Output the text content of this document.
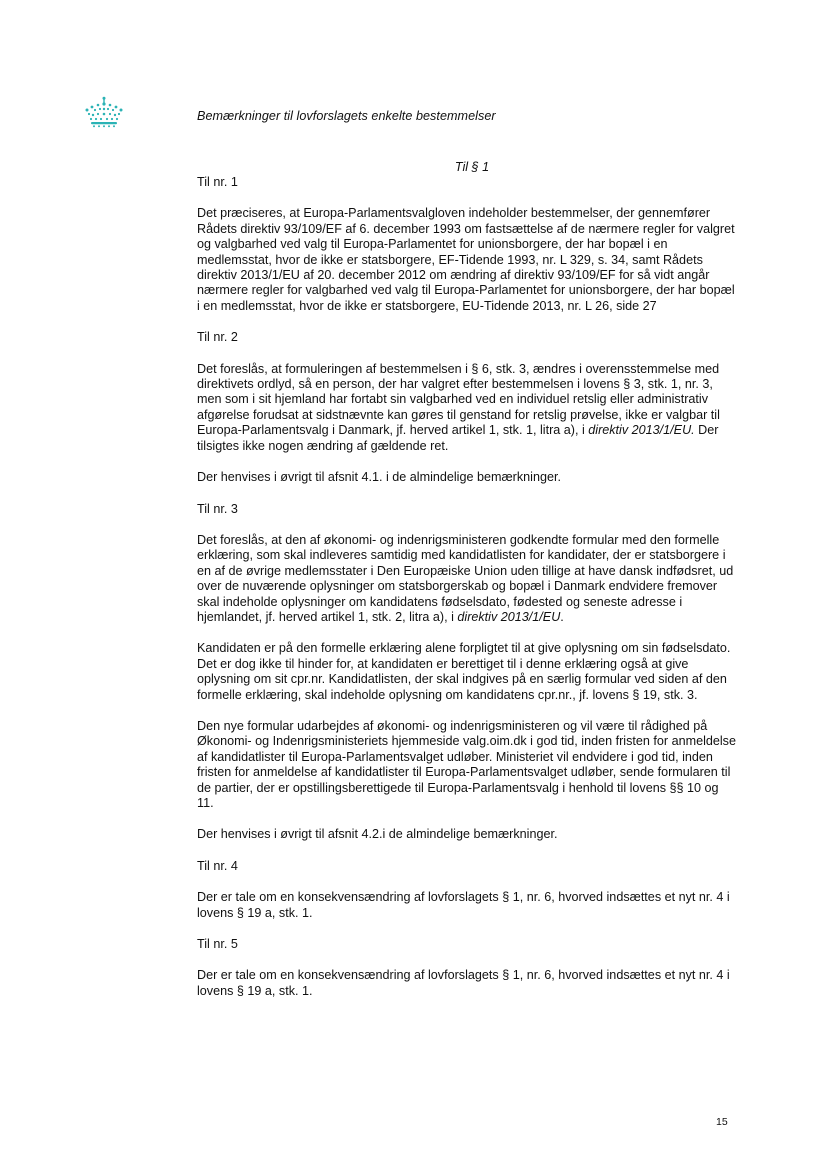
Bemærkninger til lovforslagets enkelte bestemmelser
Til § 1

Til nr. 1

Det præciseres, at Europa-Parlamentsvalgloven indeholder bestemmelser, der gennemfører Rådets direktiv 93/109/EF af 6. december 1993 om fastsættelse af de nærmere regler for valgret og valgbarhed ved valg til Europa-Parlamentet for unionsborgere, der har bopæl i en medlemsstat, hvor de ikke er statsborgere, EF-Tidende 1993, nr. L 329, s. 34, samt Rådets direktiv 2013/1/EU af 20. december 2012 om ændring af direktiv 93/109/EF for så vidt angår nærmere regler for valgbarhed ved valg til Europa-Parlamentet for unionsborgere, der har bopæl i en medlemsstat, hvor de ikke er statsborgere, EU-Tidende 2013, nr. L 26, side 27

Til nr. 2

Det foreslås, at formuleringen af bestemmelsen i § 6, stk. 3, ændres i overensstemmelse med direktivets ordlyd, så en person, der har valgret efter bestemmelsen i lovens § 3, stk. 1, nr. 3, men som i sit hjemland har fortabt sin valgbarhed ved en individuel retslig eller administrativ afgørelse forudsat at sidstnævnte kan gøres til genstand for retslig prøvelse, ikke er valgbar til Europa-Parlamentsvalg i Danmark, jf. herved artikel 1, stk. 1, litra a), i direktiv 2013/1/EU. Der tilsigtes ikke nogen ændring af gældende ret.

Der henvises i øvrigt til afsnit 4.1. i de almindelige bemærkninger.

Til nr. 3

Det foreslås, at den af økonomi- og indenrigsministeren godkendte formular med den formelle erklæring, som skal indleveres samtidig med kandidatlisten for kandidater, der er statsborgere i en af de øvrige medlemsstater i Den Europæiske Union uden tillige at have dansk indfødsret, ud over de nuværende oplysninger om statsborgerskab og bopæl i Danmark endvidere fremover skal indeholde oplysninger om kandidatens fødselsdato, fødested og seneste adresse i hjemlandet, jf. herved artikel 1, stk. 2, litra a), i direktiv 2013/1/EU.

Kandidaten er på den formelle erklæring alene forpligtet til at give oplysning om sin fødselsdato. Det er dog ikke til hinder for, at kandidaten er berettiget til i denne erklæring også at give oplysning om sit cpr.nr. Kandidatlisten, der skal indgives på en særlig formular ved siden af den formelle erklæring, skal indeholde oplysning om kandidatens cpr.nr., jf. lovens § 19, stk. 3.

Den nye formular udarbejdes af økonomi- og indenrigsministeren og vil være til rådighed på Økonomi- og Indenrigsministeriets hjemmeside valg.oim.dk i god tid, inden fristen for anmeldelse af kandidatlister til Europa-Parlamentsvalget udløber. Ministeriet vil endvidere i god tid, inden fristen for anmeldelse af kandidatlister til Europa-Parlamentsvalget udløber, sende formularen til de partier, der er opstillingsberettigede til Europa-Parlamentsvalg i henhold til lovens §§ 10 og 11.

Der henvises i øvrigt til afsnit 4.2.i de almindelige bemærkninger.

Til nr. 4

Der er tale om en konsekvensændring af lovforslagets § 1, nr. 6, hvorved indsættes et nyt nr. 4 i lovens § 19 a, stk. 1.

Til nr. 5

Der er tale om en konsekvensændring af lovforslagets § 1, nr. 6, hvorved indsættes et nyt nr. 4 i lovens § 19 a, stk. 1.

15
